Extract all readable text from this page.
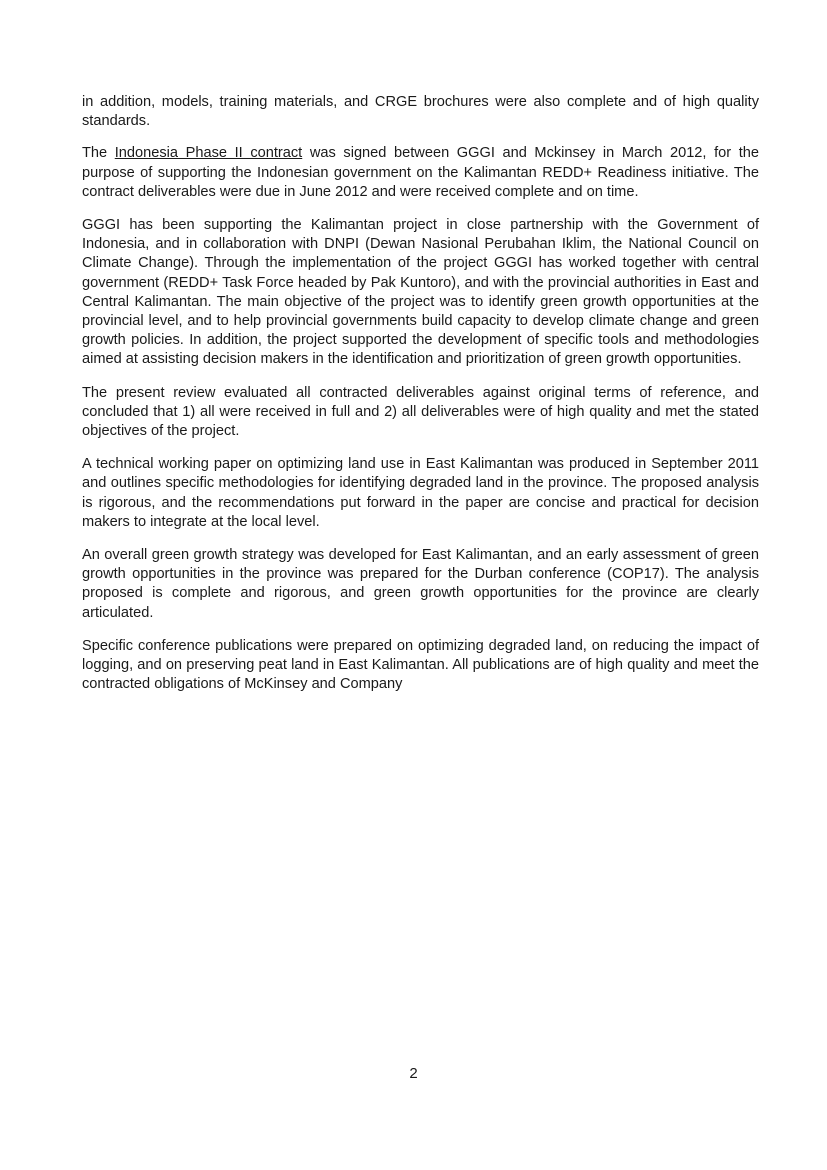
in addition, models, training materials, and CRGE brochures were also complete and of high quality standards.

The Indonesia Phase II contract was signed between GGGI and Mckinsey in March 2012, for the purpose of supporting the Indonesian government on the Kalimantan REDD+ Readiness initiative. The contract deliverables were due in June 2012 and were received complete and on time.

GGGI has been supporting the Kalimantan project in close partnership with the Government of Indonesia, and in collaboration with DNPI (Dewan Nasional Perubahan Iklim, the National Council on Climate Change). Through the implementation of the project GGGI has worked together with central government (REDD+ Task Force headed by Pak Kuntoro), and with the provincial authorities in East and Central Kalimantan. The main objective of the project was to identify green growth opportunities at the provincial level, and to help provincial governments build capacity to develop climate change and green growth policies. In addition, the project supported the development of specific tools and methodologies aimed at assisting decision makers in the identification and prioritization of green growth opportunities.

The present review evaluated all contracted deliverables against original terms of reference, and concluded that 1) all were received in full and 2) all deliverables were of high quality and met the stated objectives of the project.

A technical working paper on optimizing land use in East Kalimantan was produced in September 2011 and outlines specific methodologies for identifying degraded land in the province. The proposed analysis is rigorous, and the recommendations put forward in the paper are concise and practical for decision makers to integrate at the local level.

An overall green growth strategy was developed for East Kalimantan, and an early assessment of green growth opportunities in the province was prepared for the Durban conference (COP17). The analysis proposed is complete and rigorous, and green growth opportunities for the province are clearly articulated.

Specific conference publications were prepared on optimizing degraded land, on reducing the impact of logging, and on preserving peat land in East Kalimantan. All publications are of high quality and meet the contracted obligations of McKinsey and Company

2
